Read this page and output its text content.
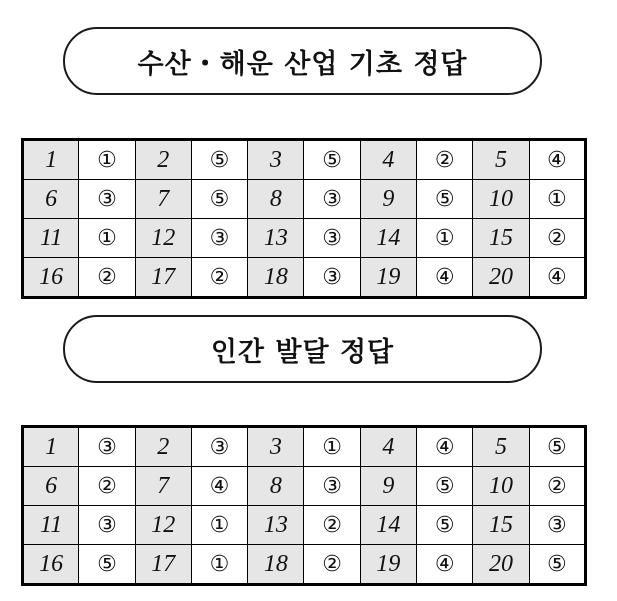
수산・해운 산업 기초 정답
1	①	2	⑤	3	⑤	4	②	5	④
6	③	7	⑤	8	③	9	⑤	10	①
11	①	12	③	13	③	14	①	15	②
16	②	17	②	18	③	19	④	20	④
인간 발달 정답
1	③	2	③	3	①	4	④	5	⑤
6	②	7	④	8	③	9	⑤	10	②
11	③	12	①	13	②	14	⑤	15	③
16	⑤	17	①	18	②	19	④	20	⑤
